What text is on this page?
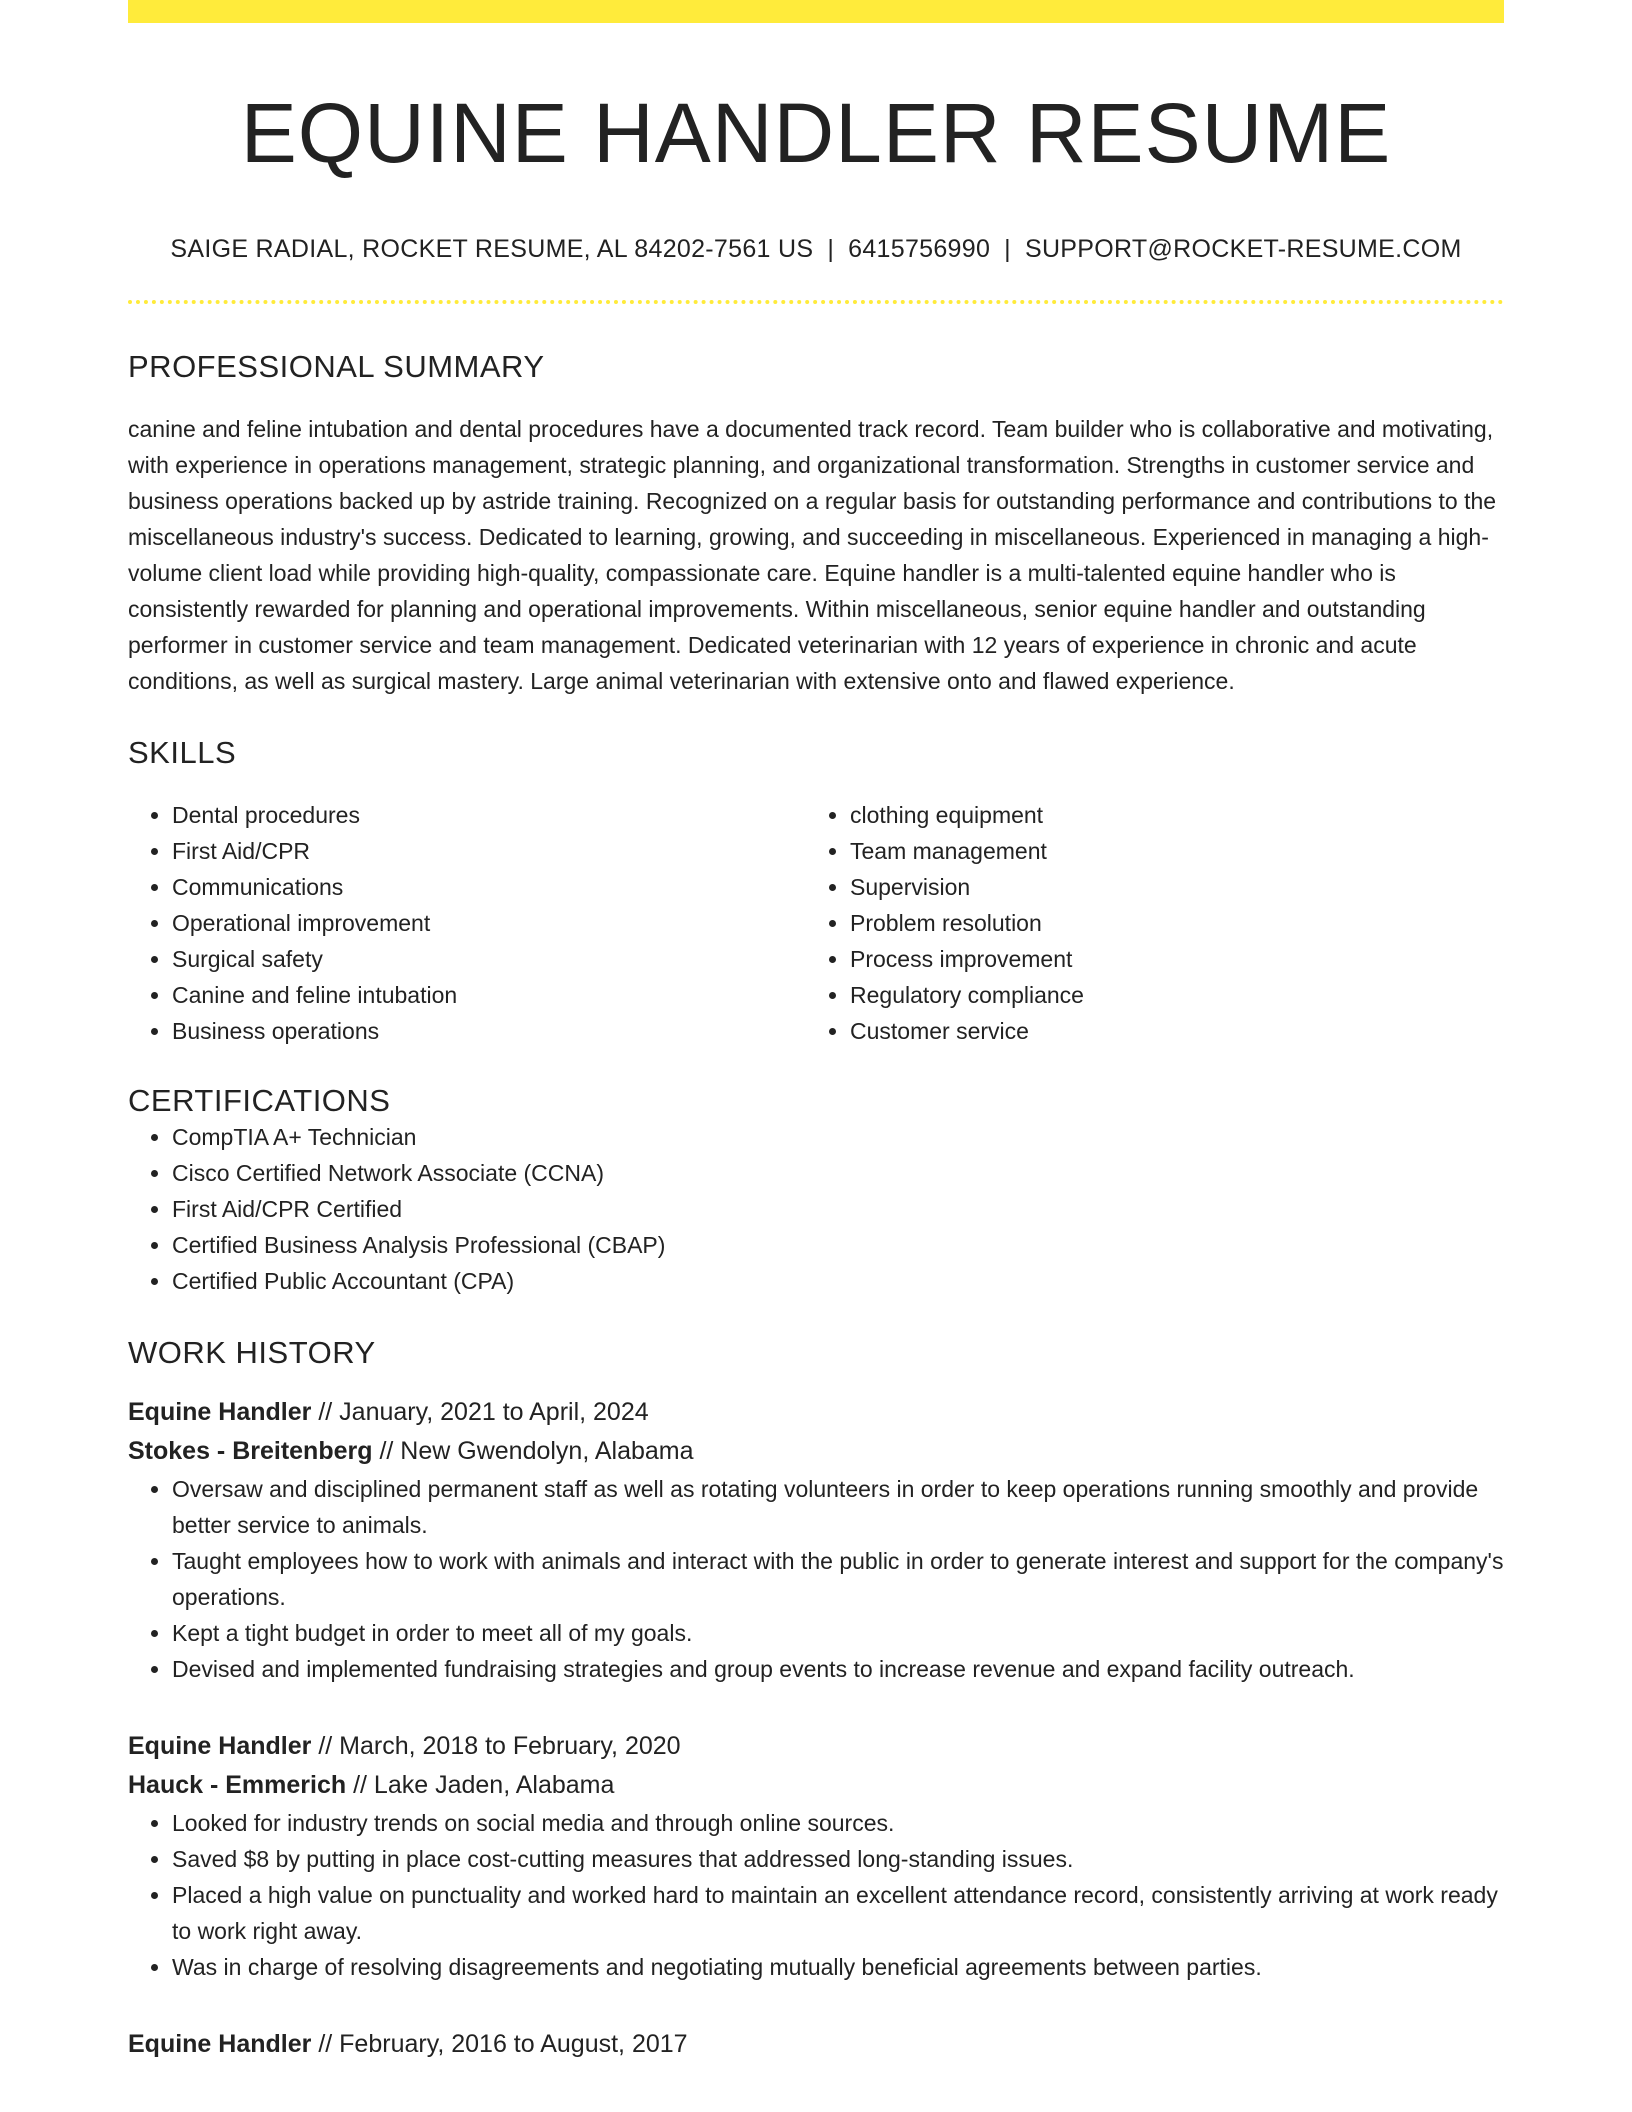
EQUINE HANDLER RESUME
SAIGE RADIAL, ROCKET RESUME, AL 84202-7561 US | 6415756990 | SUPPORT@ROCKET-RESUME.COM
PROFESSIONAL SUMMARY

canine and feline intubation and dental procedures have a documented track record. Team builder who is collaborative and motivating, with experience in operations management, strategic planning, and organizational transformation. Strengths in customer service and business operations backed up by astride training. Recognized on a regular basis for outstanding performance and contributions to the miscellaneous industry's success. Dedicated to learning, growing, and succeeding in miscellaneous. Experienced in managing a high-volume client load while providing high-quality, compassionate care. Equine handler is a multi-talented equine handler who is consistently rewarded for planning and operational improvements. Within miscellaneous, senior equine handler and outstanding performer in customer service and team management. Dedicated veterinarian with 12 years of experience in chronic and acute conditions, as well as surgical mastery. Large animal veterinarian with extensive onto and flawed experience.

SKILLS
• Dental procedures
• First Aid/CPR
• Communications
• Operational improvement
• Surgical safety
• Canine and feline intubation
• Business operations
• clothing equipment
• Team management
• Supervision
• Problem resolution
• Process improvement
• Regulatory compliance
• Customer service
CERTIFICATIONS
• CompTIA A+ Technician
• Cisco Certified Network Associate (CCNA)
• First Aid/CPR Certified
• Certified Business Analysis Professional (CBAP)
• Certified Public Accountant (CPA)
WORK HISTORY
Equine Handler // January, 2021 to April, 2024
Stokes - Breitenberg // New Gwendolyn, Alabama
• Oversaw and disciplined permanent staff as well as rotating volunteers in order to keep operations running smoothly and provide better service to animals.
• Taught employees how to work with animals and interact with the public in order to generate interest and support for the company's operations.
• Kept a tight budget in order to meet all of my goals.
• Devised and implemented fundraising strategies and group events to increase revenue and expand facility outreach.
Equine Handler // March, 2018 to February, 2020
Hauck - Emmerich // Lake Jaden, Alabama
• Looked for industry trends on social media and through online sources.
• Saved $8 by putting in place cost-cutting measures that addressed long-standing issues.
• Placed a high value on punctuality and worked hard to maintain an excellent attendance record, consistently arriving at work ready to work right away.
• Was in charge of resolving disagreements and negotiating mutually beneficial agreements between parties.
Equine Handler // February, 2016 to August, 2017
